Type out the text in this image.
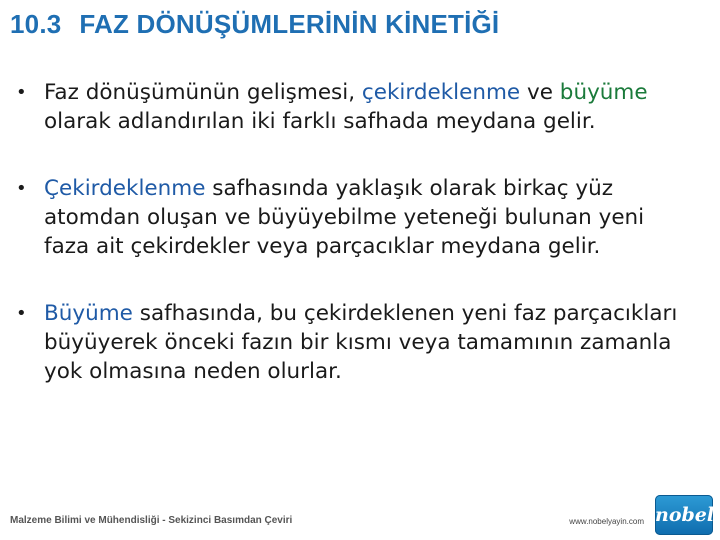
10.3 FAZ DÖNÜŞÜMLERİNİN KİNETİĞİ
• Faz dönüşümünün gelişmesi, çekirdeklenme ve büyüme olarak adlandırılan iki farklı safhada meydana gelir.
• Çekirdeklenme safhasında yaklaşık olarak birkaç yüz atomdan oluşan ve büyüyebilme yeteneği bulunan yeni faza ait çekirdekler veya parçacıklar meydana gelir.
• Büyüme safhasında, bu çekirdeklenen yeni faz parçacıkları büyüyerek önceki fazın bir kısmı veya tamamının zamanla yok olmasına neden olurlar.
Malzeme Bilimi ve Mühendisliği - Sekizinci Basımdan Çeviri	www.nobelyayin.com nobel
